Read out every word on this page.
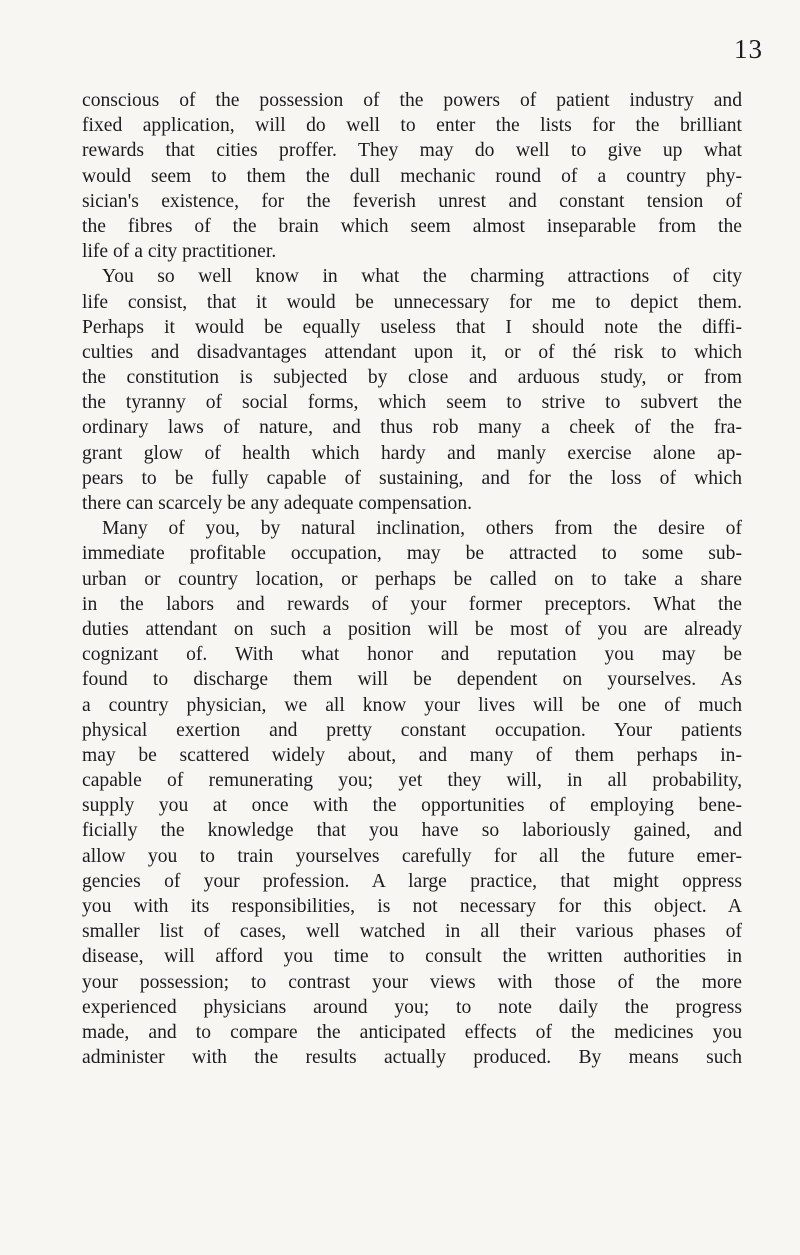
13
conscious of the possession of the powers of patient industry and
fixed application, will do well to enter the lists for the brilliant
rewards that cities proffer. They may do well to give up what
would seem to them the dull mechanic round of a country phy-
sician's existence, for the feverish unrest and constant tension of
the fibres of the brain which seem almost inseparable from the
life of a city practitioner.
You so well know in what the charming attractions of city
life consist, that it would be unnecessary for me to depict them.
Perhaps it would be equally useless that I should note the diffi-
culties and disadvantages attendant upon it, or of thé risk to which
the constitution is subjected by close and arduous study, or from
the tyranny of social forms, which seem to strive to subvert the
ordinary laws of nature, and thus rob many a cheek of the fra-
grant glow of health which hardy and manly exercise alone ap-
pears to be fully capable of sustaining, and for the loss of which
there can scarcely be any adequate compensation.
Many of you, by natural inclination, others from the desire of
immediate profitable occupation, may be attracted to some sub-
urban or country location, or perhaps be called on to take a share
in the labors and rewards of your former preceptors. What the
duties attendant on such a position will be most of you are already
cognizant of. With what honor and reputation you may be
found to discharge them will be dependent on yourselves. As
a country physician, we all know your lives will be one of much
physical exertion and pretty constant occupation. Your patients
may be scattered widely about, and many of them perhaps in-
capable of remunerating you; yet they will, in all probability,
supply you at once with the opportunities of employing bene-
ficially the knowledge that you have so laboriously gained, and
allow you to train yourselves carefully for all the future emer-
gencies of your profession. A large practice, that might oppress
you with its responsibilities, is not necessary for this object. A
smaller list of cases, well watched in all their various phases of
disease, will afford you time to consult the written authorities in
your possession; to contrast your views with those of the more
experienced physicians around you; to note daily the progress
made, and to compare the anticipated effects of the medicines you
administer with the results actually produced. By means such
